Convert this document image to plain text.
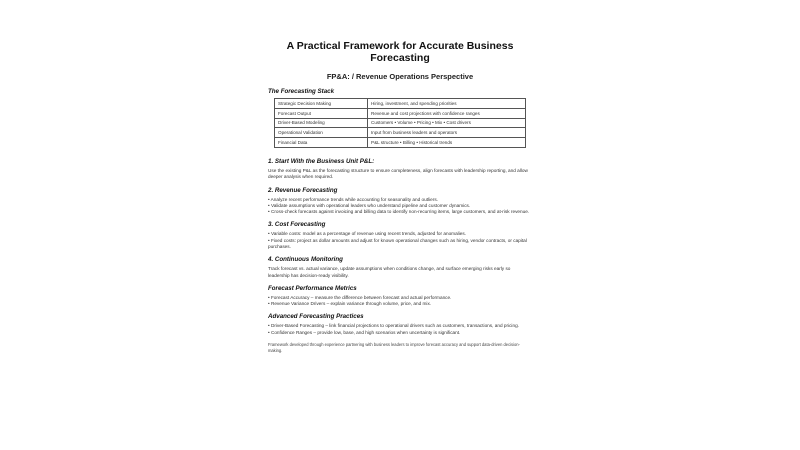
A Practical Framework for Accurate Business Forecasting
FP&A: / Revenue Operations Perspective
The Forecasting Stack
Strategic Decision Making	Hiring, investment, and spending priorities
Forecast Output	Revenue and cost projections with confidence ranges
Driver-Based Modeling	Customers • Volume • Pricing • Mix • Cost drivers
Operational Validation	Input from business leaders and operators
Financial Data	P&L structure • Billing • Historical trends
1. Start With the Business Unit P&L:

Use the existing P&L as the forecasting structure to ensure completeness, align forecasts with leadership reporting, and allow deeper analysis when required.

2. Revenue Forecasting

• Analyze recent performance trends while accounting for seasonality and outliers.

• Validate assumptions with operational leaders who understand pipeline and customer dynamics.

• Cross-check forecasts against invoicing and billing data to identify non-recurring items, large customers, and at-risk revenue.

3. Cost Forecasting

• Variable costs: model as a percentage of revenue using recent trends, adjusted for anomalies.

• Fixed costs: project as dollar amounts and adjust for known operational changes such as hiring, vendor contracts, or capital purchases.

4. Continuous Monitoring

Track forecast vs. actual variance, update assumptions when conditions change, and surface emerging risks early so leadership has decision-ready visibility.

Forecast Performance Metrics

• Forecast Accuracy – measure the difference between forecast and actual performance.

• Revenue Variance Drivers – explain variance through volume, price, and mix.

Advanced Forecasting Practices

• Driver-Based Forecasting – link financial projections to operational drivers such as customers, transactions, and pricing.

• Confidence Ranges – provide low, base, and high scenarios when uncertainty is significant.

Framework developed through experience partnering with business leaders to improve forecast accuracy and support data-driven decision-making.
